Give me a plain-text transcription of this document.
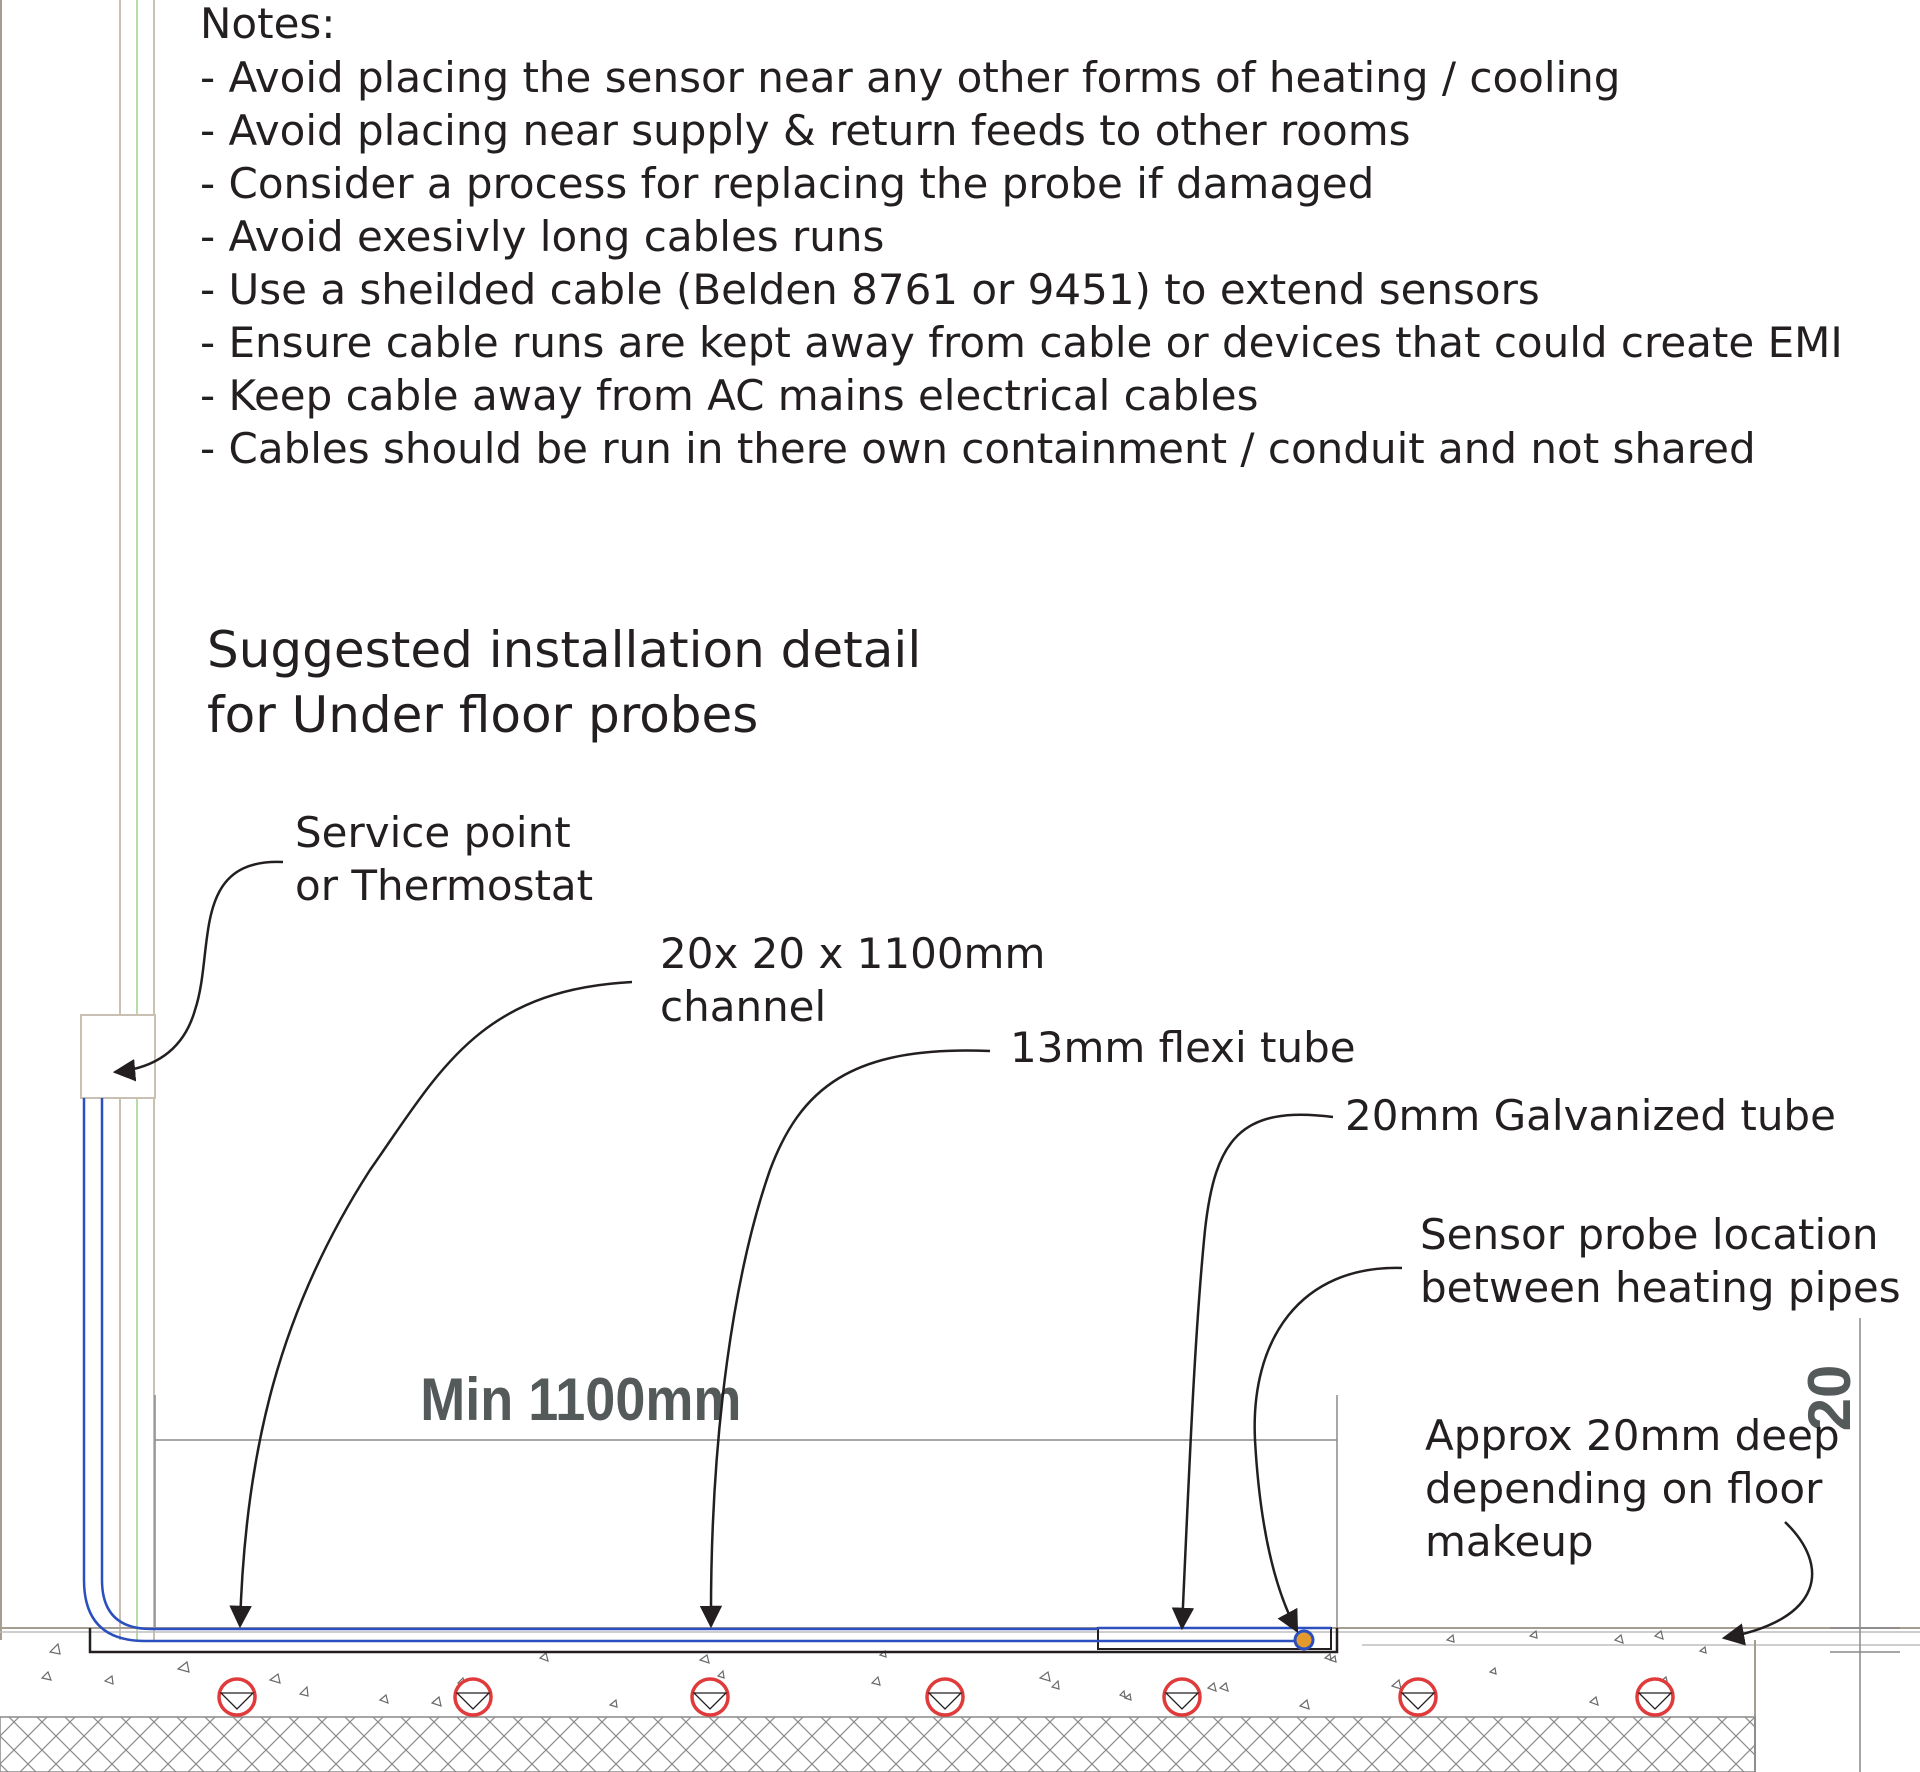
Notes:
- Avoid placing the sensor near any other forms of heating / cooling
- Avoid placing near supply & return feeds to other rooms
- Consider a process for replacing the probe if damaged
- Avoid exesivly long cables runs
- Use a sheilded cable (Belden 8761 or 9451) to extend sensors
- Ensure cable runs are kept away from cable or devices that could create EMI
- Keep cable away from AC mains electrical cables
- Cables should be run in there own containment / conduit and not shared
Suggested installation detail
for Under floor probes
Min 1100mm	20
Service point
or Thermostat
20x 20 x 1100mm
channel
13mm flexi tube
20mm Galvanized tube
Sensor probe location
between heating pipes
Approx 20mm deep
depending on floor
makeup
